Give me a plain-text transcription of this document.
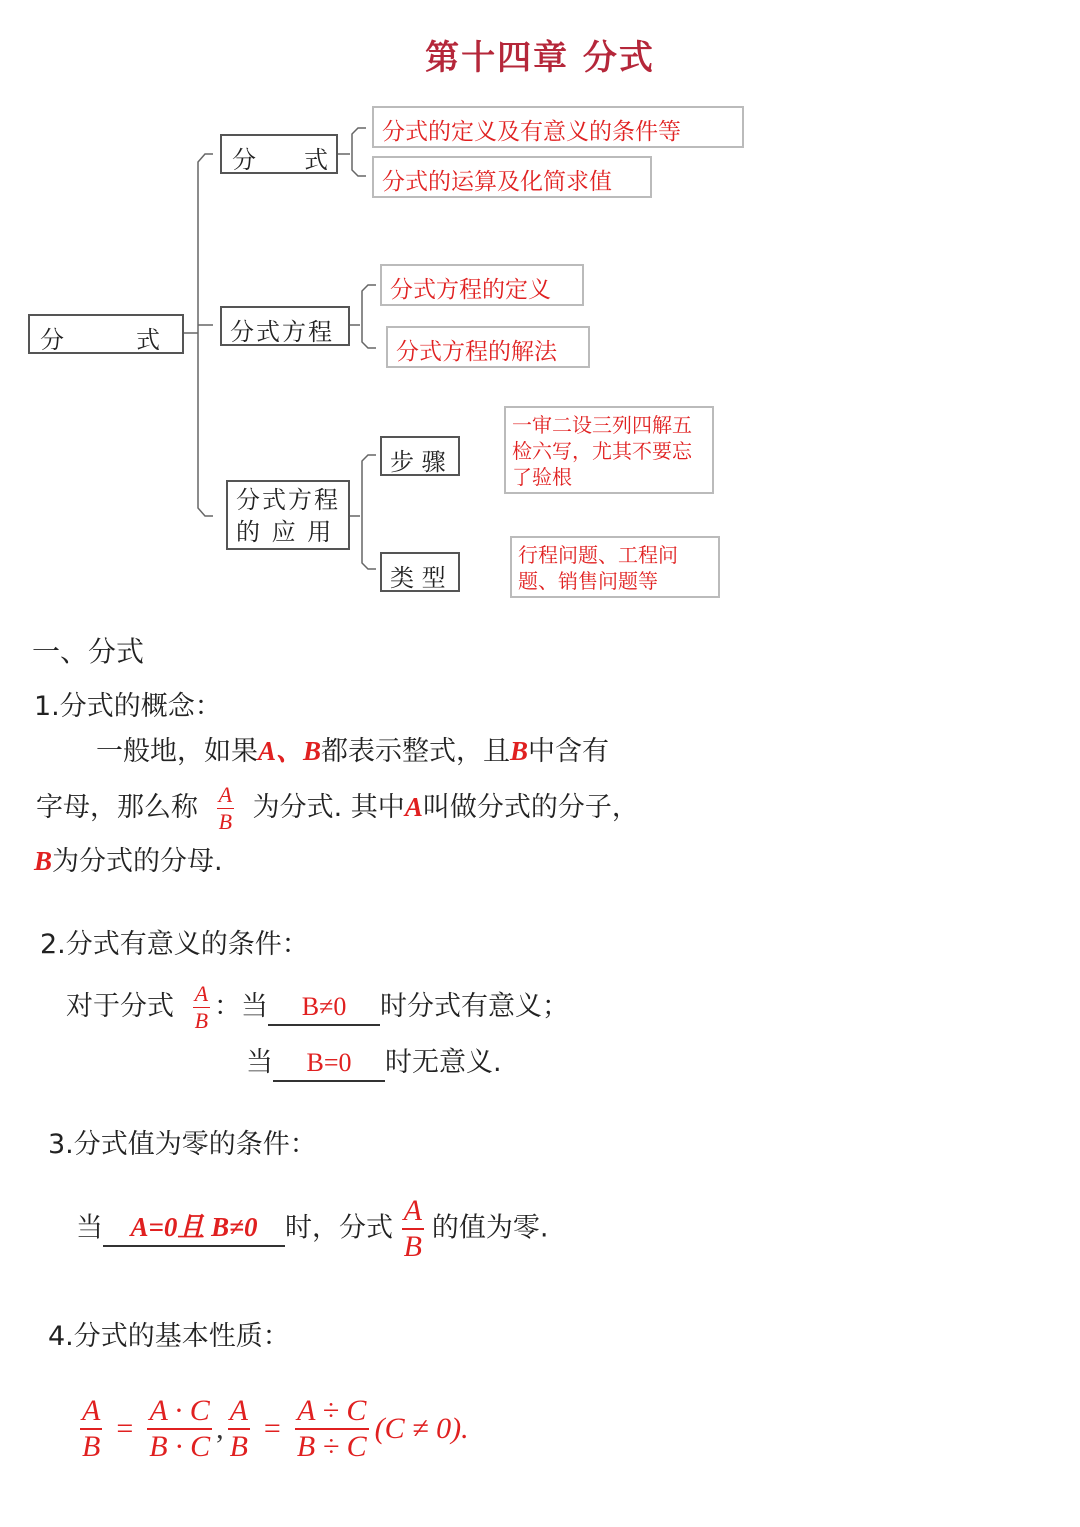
第十四章 分式
分　　　式
分　　式
分式的定义及有意义的条件等
分式的运算及化简求值
分式方程
分式方程的定义
分式方程的解法
分式方程
的 应 用
步 骤
一审二设三列四解五检六写，尤其不要忘了验根
类 型
行程问题、工程问题、销售问题等
一、分式
1.分式的概念：
一般地，如果A、B都表示整式，且B中含有
字母，那么称 $\frac{A}{B}$ 为分式. 其中A叫做分式的分子，
B为分式的分母.
2.分式有意义的条件：
对于分式 $\frac{A}{B}$ ：当 B≠0 时分式有意义；
当 B=0 时无意义.
3.分式值为零的条件：
当 A=0且 B≠0 时，分式 $\frac{A}{B}$ 的值为零.
4.分式的基本性质：
$\frac{A}{B} = \frac{A \cdot C}{B \cdot C}$ , $\frac{A}{B} = \frac{A \div C}{B \div C} (C \ne 0)$.
